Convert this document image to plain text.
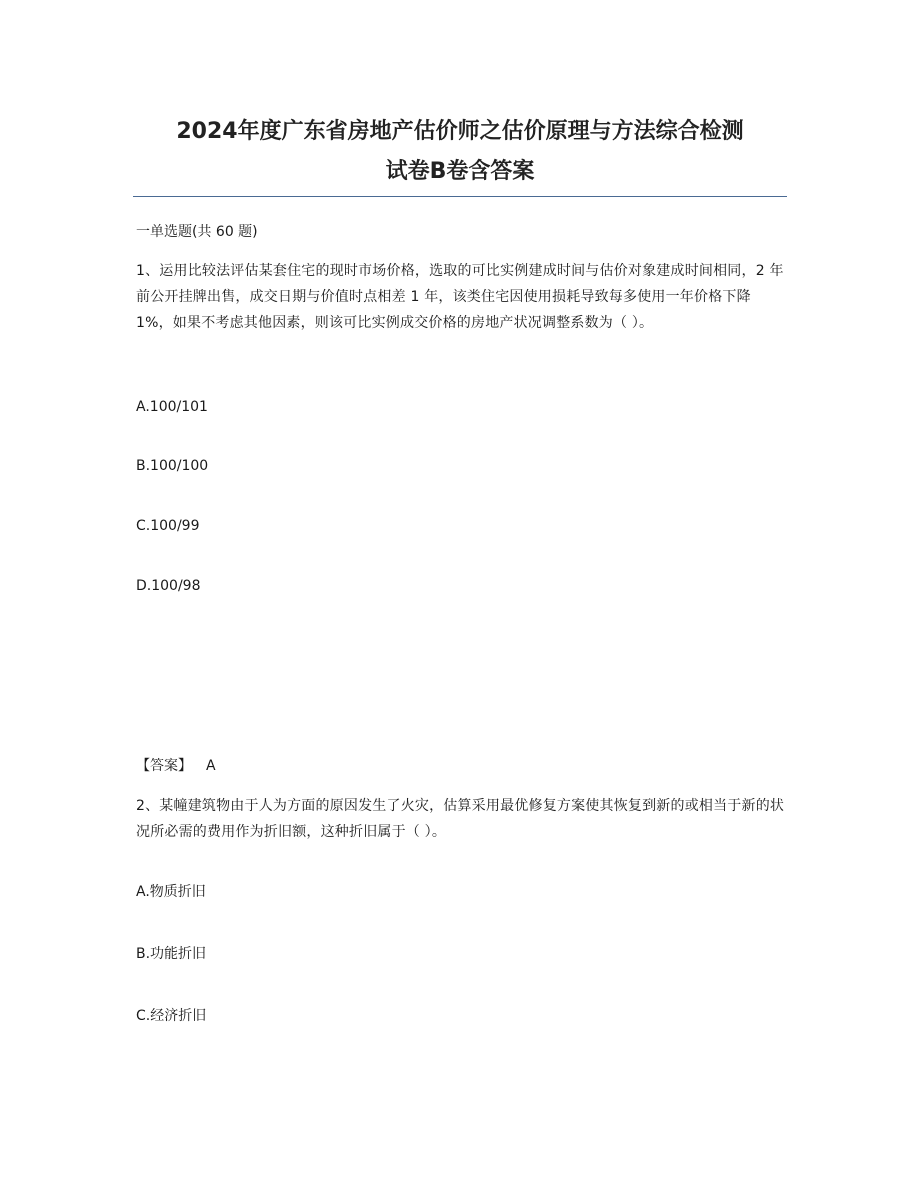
2024年度广东省房地产估价师之估价原理与方法综合检测
试卷B卷含答案

一单选题(共 60 题)

1、运用比较法评估某套住宅的现时市场价格，选取的可比实例建成时间与估价对象建成时间相同，2 年前公开挂牌出售，成交日期与价值时点相差 1 年，该类住宅因使用损耗导致每多使用一年价格下降 1%，如果不考虑其他因素，则该可比实例成交价格的房地产状况调整系数为（ ）。

A.100/101

B.100/100

C.100/99

D.100/98

【答案】 A

2、某幢建筑物由于人为方面的原因发生了火灾，估算采用最优修复方案使其恢复到新的或相当于新的状况所必需的费用作为折旧额，这种折旧属于（ ）。

A.物质折旧

B.功能折旧

C.经济折旧
